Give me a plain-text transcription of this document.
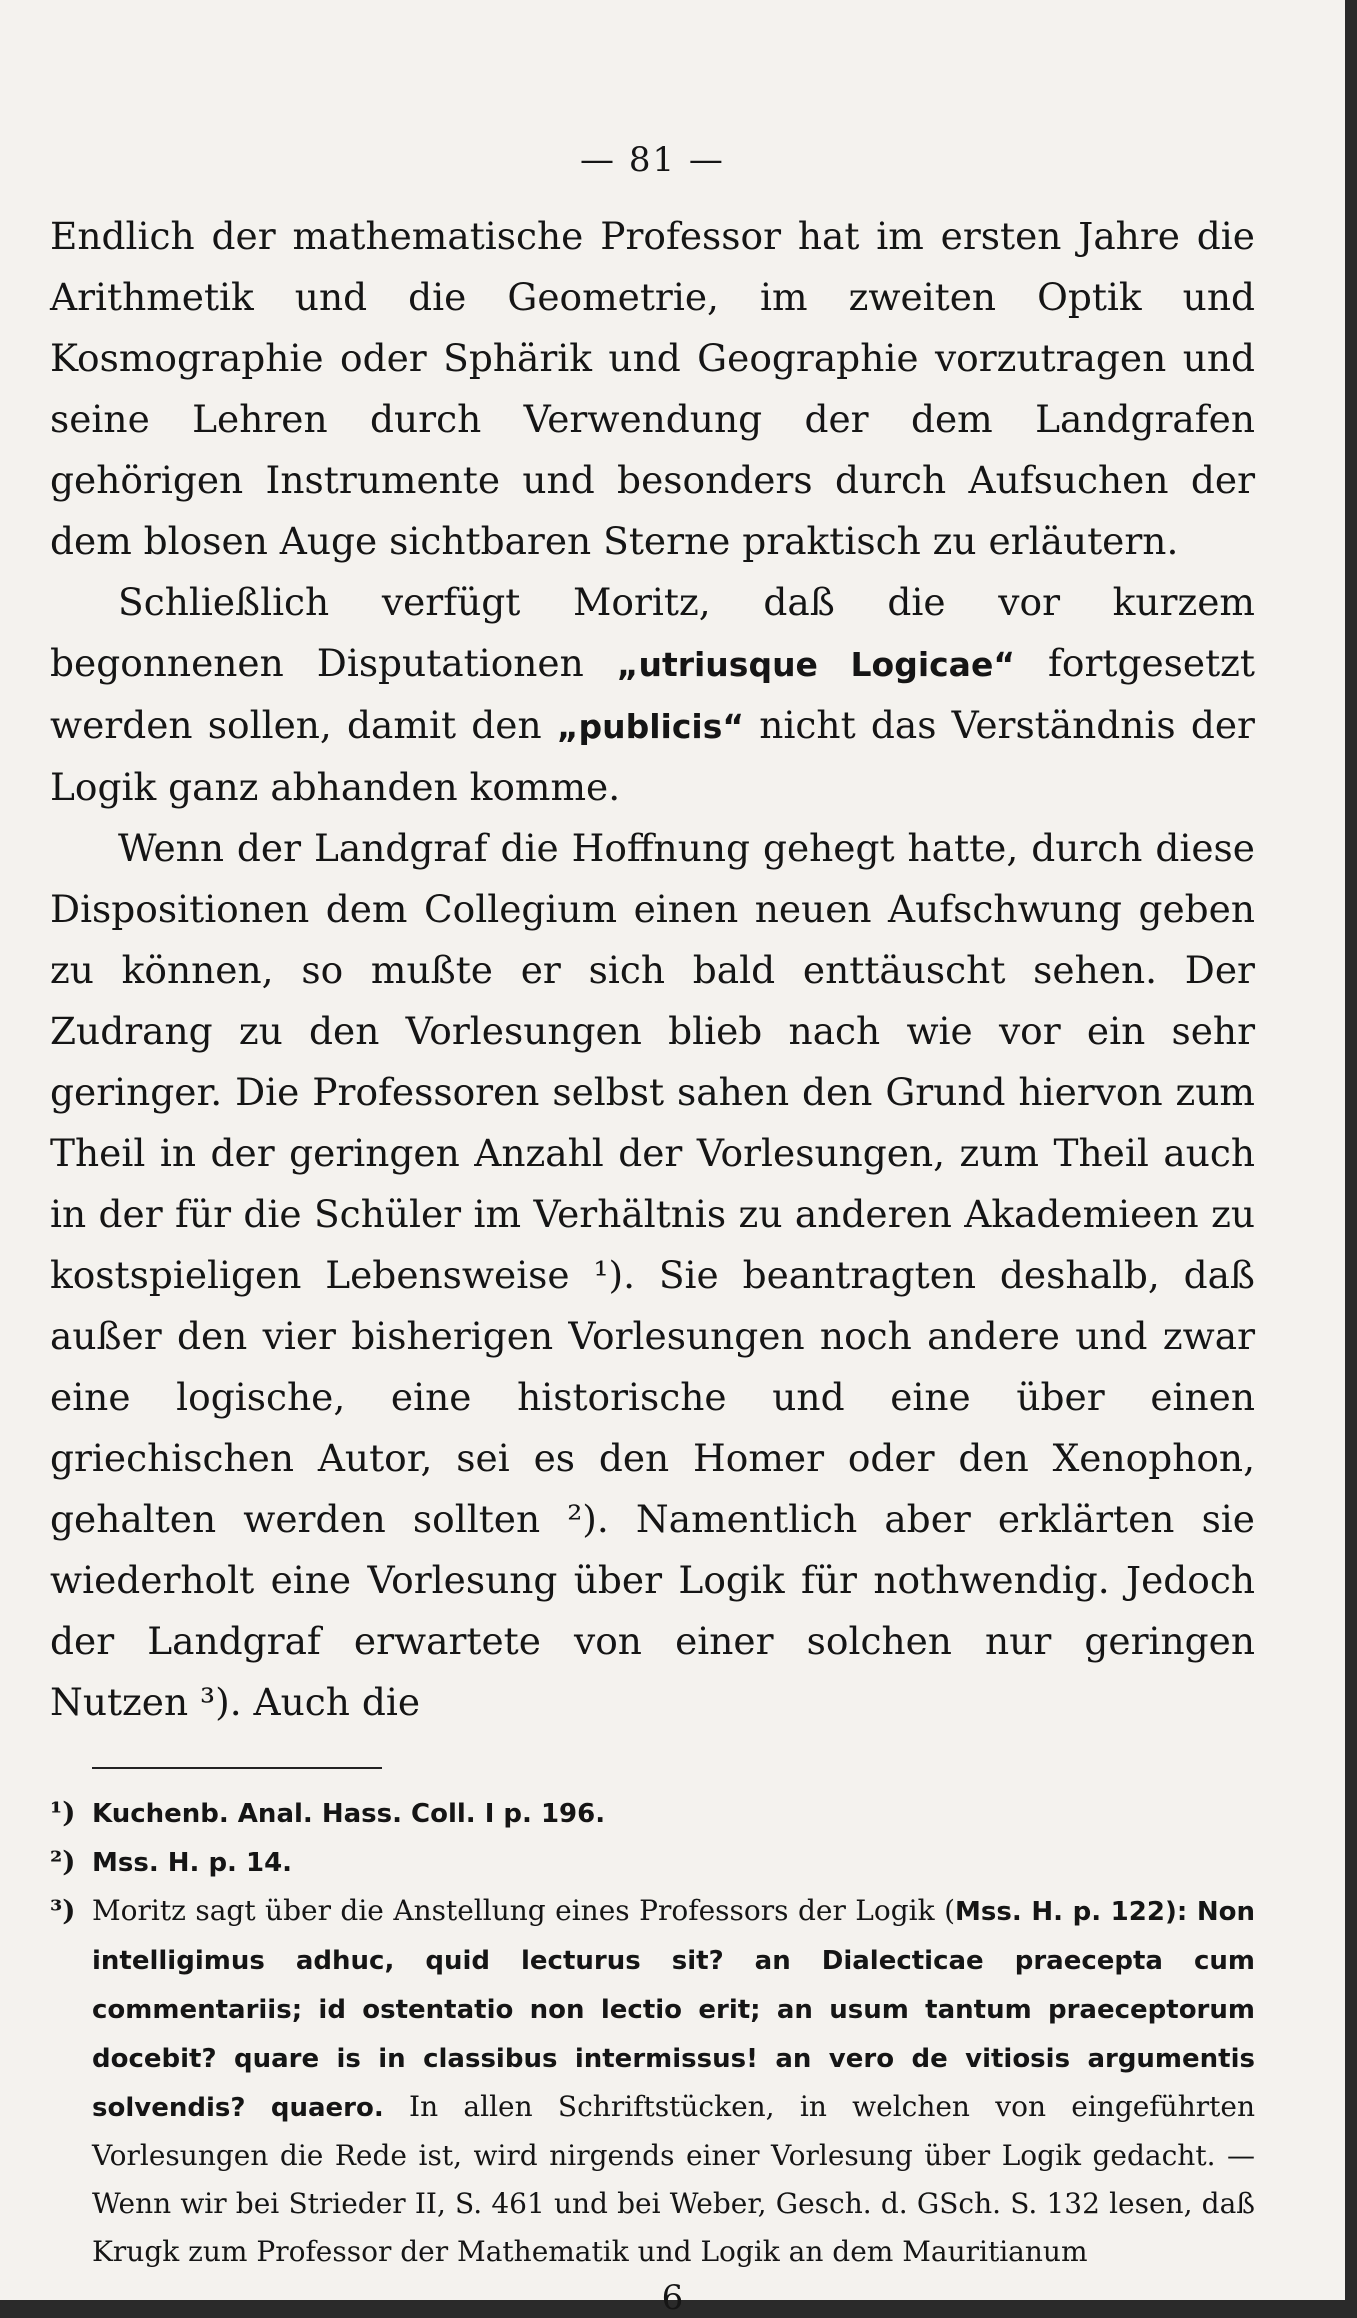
— 81 —

Endlich der mathematische Professor hat im ersten Jahre die Arithmetik und die Geometrie, im zweiten Optik und Kosmographie oder Sphärik und Geographie vorzutragen und seine Lehren durch Verwendung der dem Landgrafen gehörigen Instrumente und besonders durch Aufsuchen der dem blosen Auge sichtbaren Sterne praktisch zu erläutern.

Schließlich verfügt Moritz, daß die vor kurzem begonnenen Disputationen „utriusque Logicae“ fortgesetzt werden sollen, damit den „publicis“ nicht das Verständnis der Logik ganz abhanden komme.

Wenn der Landgraf die Hoffnung gehegt hatte, durch diese Dispositionen dem Collegium einen neuen Aufschwung geben zu können, so mußte er sich bald enttäuscht sehen. Der Zudrang zu den Vorlesungen blieb nach wie vor ein sehr geringer. Die Professoren selbst sahen den Grund hiervon zum Theil in der geringen Anzahl der Vorlesungen, zum Theil auch in der für die Schüler im Verhältnis zu anderen Akademieen zu kostspieligen Lebensweise ¹). Sie beantragten deshalb, daß außer den vier bisherigen Vorlesungen noch andere und zwar eine logische, eine historische und eine über einen griechischen Autor, sei es den Homer oder den Xenophon, gehalten werden sollten ²). Namentlich aber erklärten sie wiederholt eine Vorlesung über Logik für nothwendig. Jedoch der Landgraf erwartete von einer solchen nur geringen Nutzen ³). Auch die

¹) Kuchenb. Anal. Hass. Coll. I p. 196.
²) Mss. H. p. 14.
³) Moritz sagt über die Anstellung eines Professors der Logik (Mss. H. p. 122): Non intelligimus adhuc, quid lecturus sit? an Dialecticae praecepta cum commentariis; id ostentatio non lectio erit; an usum tantum praeceptorum docebit? quare is in classibus intermissus! an vero de vitiosis argumentis solvendis? quaero. In allen Schriftstücken, in welchen von eingeführten Vorlesungen die Rede ist, wird nirgends einer Vorlesung über Logik gedacht. — Wenn wir bei Strieder II, S. 461 und bei Weber, Gesch. d. GSch. S. 132 lesen, daß Krugk zum Professor der Mathematik und Logik an dem Mauritianum
6
